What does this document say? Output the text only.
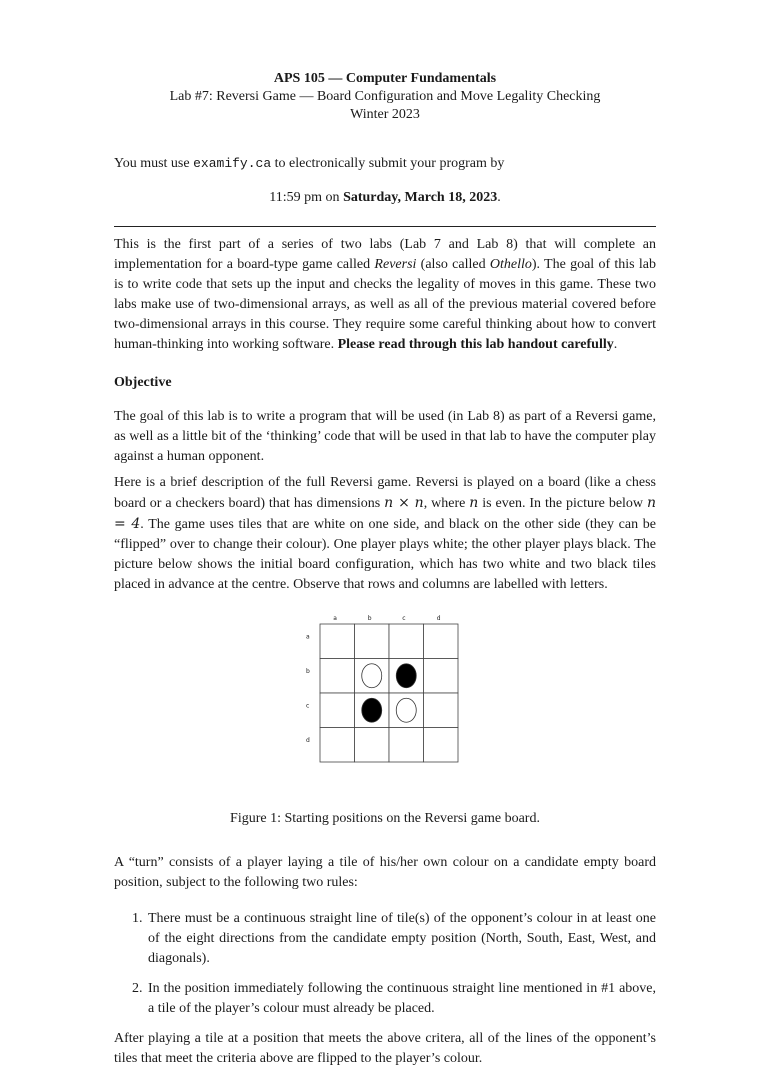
APS 105 — Computer Fundamentals
Lab #7: Reversi Game — Board Configuration and Move Legality Checking
Winter 2023

You must use examify.ca to electronically submit your program by

11:59 pm on Saturday, March 18, 2023.

This is the first part of a series of two labs (Lab 7 and Lab 8) that will complete an implementation for a board-type game called Reversi (also called Othello). The goal of this lab is to write code that sets up the input and checks the legality of moves in this game. These two labs make use of two-dimensional arrays, as well as all of the previous material covered before two-dimensional arrays in this course. They require some careful thinking about how to convert human-thinking into working software. Please read through this lab handout carefully.

Objective

The goal of this lab is to write a program that will be used (in Lab 8) as part of a Reversi game, as well as a little bit of the ‘thinking’ code that will be used in that lab to have the computer play against a human opponent.

Here is a brief description of the full Reversi game. Reversi is played on a board (like a chess board or a checkers board) that has dimensions n × n, where n is even. In the picture below n = 4. The game uses tiles that are white on one side, and black on the other side (they can be “flipped” over to change their colour). One player plays white; the other player plays black. The picture below shows the initial board configuration, which has two white and two black tiles placed in advance at the centre. Observe that rows and columns are labelled with letters.

a	b	c	d
a
b
c
d
Figure 1: Starting positions on the Reversi game board.

A “turn” consists of a player laying a tile of his/her own colour on a candidate empty board position, subject to the following two rules:

1. There must be a continuous straight line of tile(s) of the opponent’s colour in at least one of the eight directions from the candidate empty position (North, South, East, West, and diagonals).
2. In the position immediately following the continuous straight line mentioned in #1 above, a tile of the player’s colour must already be placed.

After playing a tile at a position that meets the above critera, all of the lines of the opponent’s tiles that meet the criteria above are flipped to the player’s colour.
